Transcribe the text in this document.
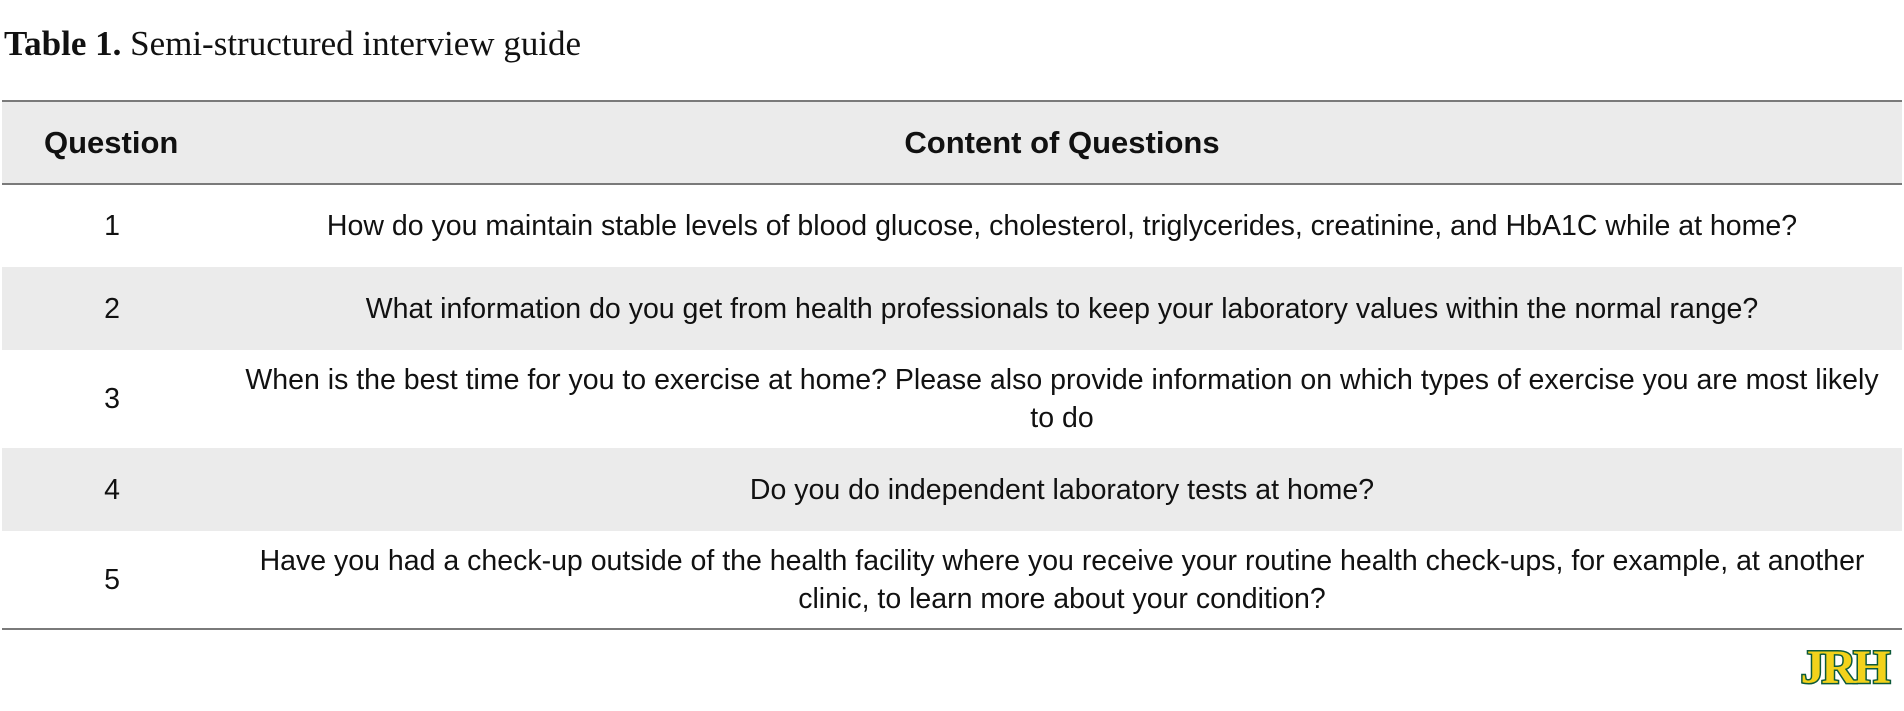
Table 1. Semi-structured interview guide
Question	Content of Questions
1	How do you maintain stable levels of blood glucose, cholesterol, triglycerides, creatinine, and HbA1C while at home?
2	What information do you get from health professionals to keep your laboratory values within the normal range?
3	When is the best time for you to exercise at home? Please also provide information on which types of exercise you are most likely to do
4	Do you do independent laboratory tests at home?
5	Have you had a check-up outside of the health facility where you receive your routine health check-ups, for example, at another clinic, to learn more about your condition?
JRH
